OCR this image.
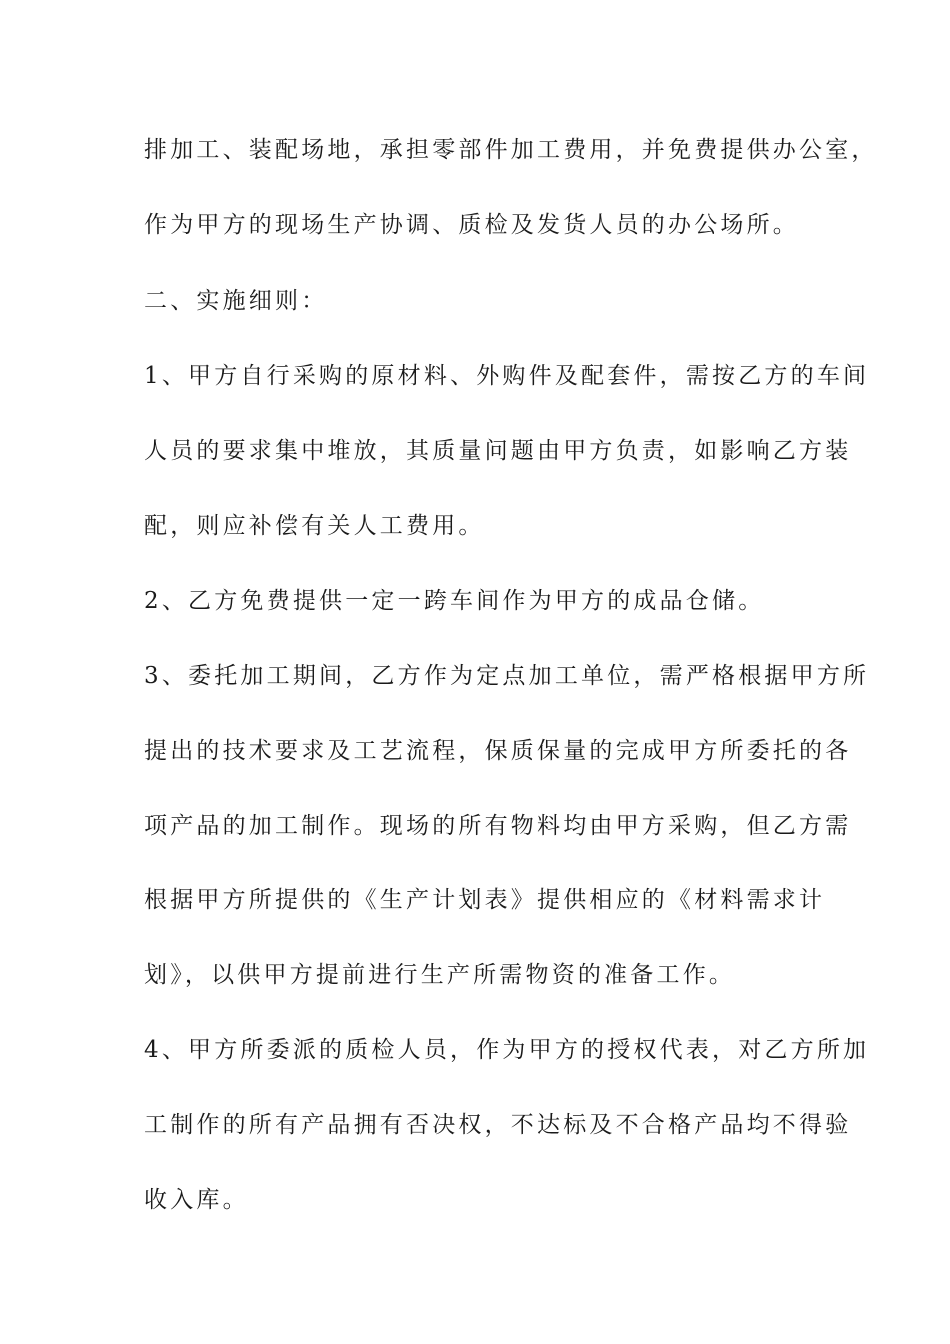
排加工、装配场地，承担零部件加工费用，并免费提供办公室，
作为甲方的现场生产协调、质检及发货人员的办公场所。
二、实施细则：
1、甲方自行采购的原材料、外购件及配套件，需按乙方的车间
人员的要求集中堆放，其质量问题由甲方负责，如影响乙方装
配，则应补偿有关人工费用。
2、乙方免费提供一定一跨车间作为甲方的成品仓储。
3、委托加工期间，乙方作为定点加工单位，需严格根据甲方所
提出的技术要求及工艺流程，保质保量的完成甲方所委托的各
项产品的加工制作。现场的所有物料均由甲方采购，但乙方需
根据甲方所提供的《生产计划表》提供相应的《材料需求计
划》，以供甲方提前进行生产所需物资的准备工作。
4、甲方所委派的质检人员，作为甲方的授权代表，对乙方所加
工制作的所有产品拥有否决权，不达标及不合格产品均不得验
收入库。
